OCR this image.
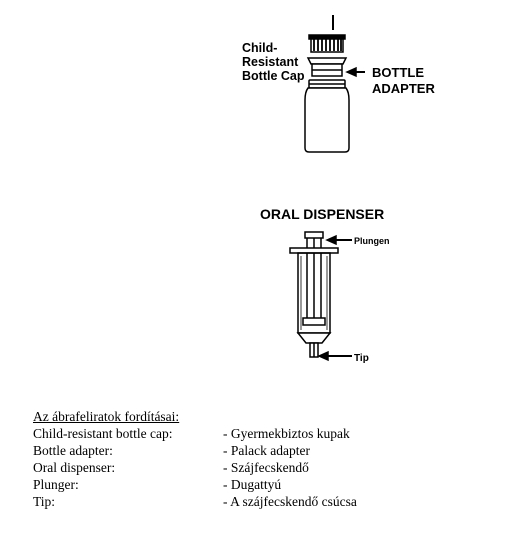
Child-
Resistant
Bottle Cap	BOTTLE
ADAPTER
ORAL DISPENSER
Plungen
Tip
Az ábrafeliratok fordításai:
Child-resistant bottle cap:	- Gyermekbiztos kupak
Bottle adapter:	- Palack adapter
Oral dispenser:	- Szájfecskendő
Plunger:	- Dugattyú
Tip:	- A szájfecskendő csúcsa
